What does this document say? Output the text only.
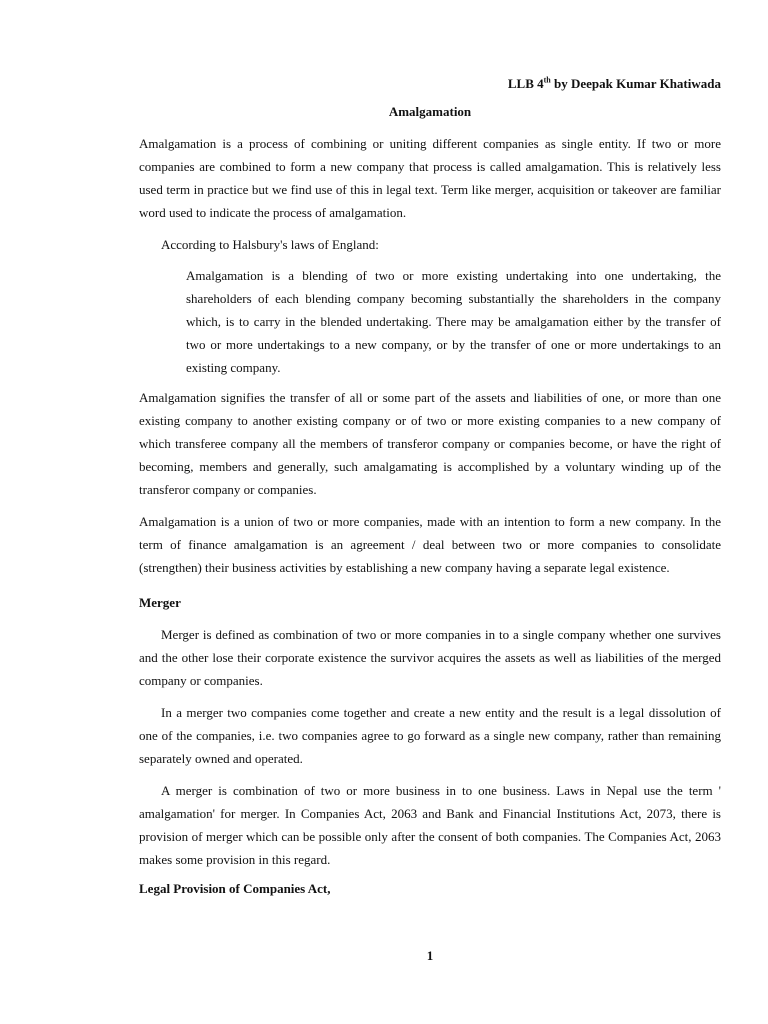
LLB 4th by Deepak Kumar Khatiwada
Amalgamation

Amalgamation is a process of combining or uniting different companies as single entity. If two or more companies are combined to form a new company that process is called amalgamation. This is relatively less used term in practice but we find use of this in legal text. Term like merger, acquisition or takeover are familiar word used to indicate the process of amalgamation.

According to Halsbury's laws of England:

Amalgamation is a blending of two or more existing undertaking into one undertaking, the shareholders of each blending company becoming substantially the shareholders in the company which, is to carry in the blended undertaking. There may be amalgamation either by the transfer of two or more undertakings to a new company, or by the transfer of one or more undertakings to an existing company.

Amalgamation signifies the transfer of all or some part of the assets and liabilities of one, or more than one existing company to another existing company or of two or more existing companies to a new company of which transferee company all the members of transferor company or companies become, or have the right of becoming, members and generally, such amalgamating is accomplished by a voluntary winding up of the transferor company or companies.

Amalgamation is a union of two or more companies, made with an intention to form a new company. In the term of finance amalgamation is an agreement / deal between two or more companies to consolidate (strengthen) their business activities by establishing a new company having a separate legal existence.

Merger

Merger is defined as combination of two or more companies in to a single company whether one survives and the other lose their corporate existence the survivor acquires the assets as well as liabilities of the merged company or companies.

In a merger two companies come together and create a new entity and the result is a legal dissolution of one of the companies, i.e. two companies agree to go forward as a single new company, rather than remaining separately owned and operated.

A merger is combination of two or more business in to one business. Laws in Nepal use the term ' amalgamation' for merger. In Companies Act, 2063 and Bank and Financial Institutions Act, 2073, there is provision of merger which can be possible only after the consent of both companies. The Companies Act, 2063 makes some provision in this regard.

Legal Provision of Companies Act,
1
